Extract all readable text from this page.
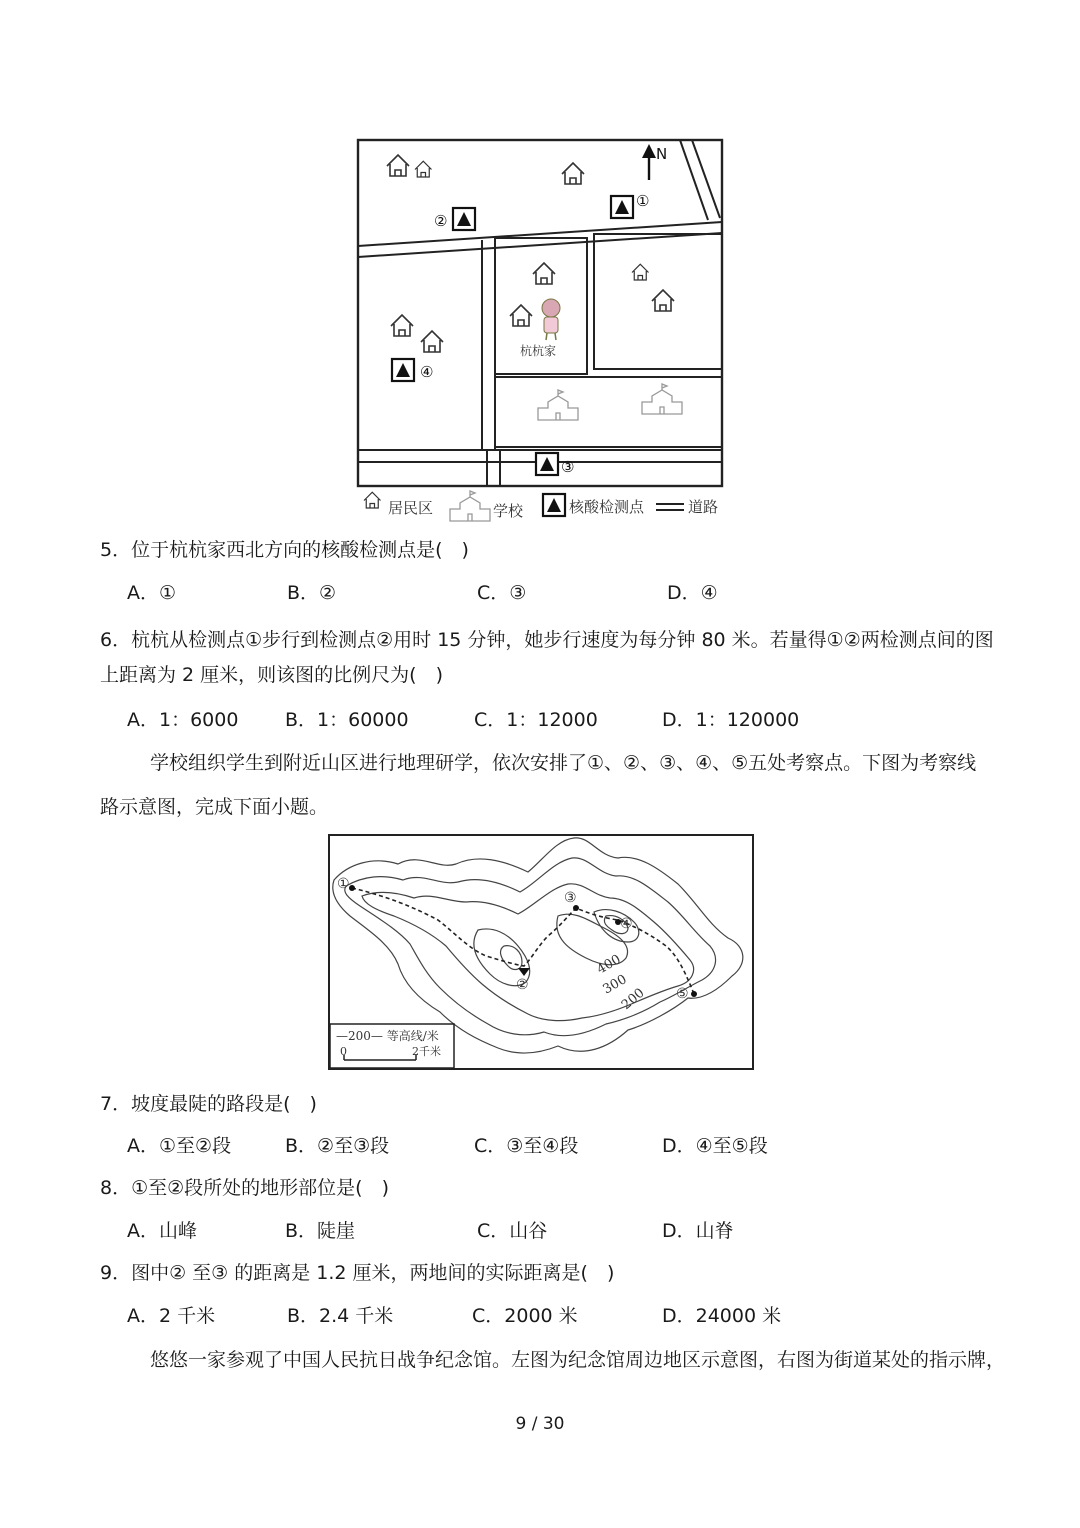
杭杭家
N
①
②
③
④
居民区	学校	核酸检测点	道路
5．位于杭杭家西北方向的核酸检测点是(　)
A．①	B．②	C．③	D．④
6．杭杭从检测点①步行到检测点②用时 15 分钟，她步行速度为每分钟 80 米。若量得①②两检测点间的图
上距离为 2 厘米，则该图的比例尺为(　)
A．1：6000 B．1：60000	C．1：12000	D．1：120000
学校组织学生到附近山区进行地理研学，依次安排了①、②、③、④、⑤五处考察点。下图为考察线
路示意图，完成下面小题。
①
②
③
④
⑤
400
300
200
—200— 等高线/米
0	2千米
7．坡度最陡的路段是(　)
A．①至②段	B．②至③段	C．③至④段	D．④至⑤段
8．①至②段所处的地形部位是(　)
A．山峰	B．陡崖	C．山谷	D．山脊
9．图中② 至③ 的距离是 1.2 厘米，两地间的实际距离是(　)
A．2 千米	B．2.4 千米	C．2000 米	D．24000 米
悠悠一家参观了中国人民抗日战争纪念馆。左图为纪念馆周边地区示意图，右图为街道某处的指示牌，
9 / 30
